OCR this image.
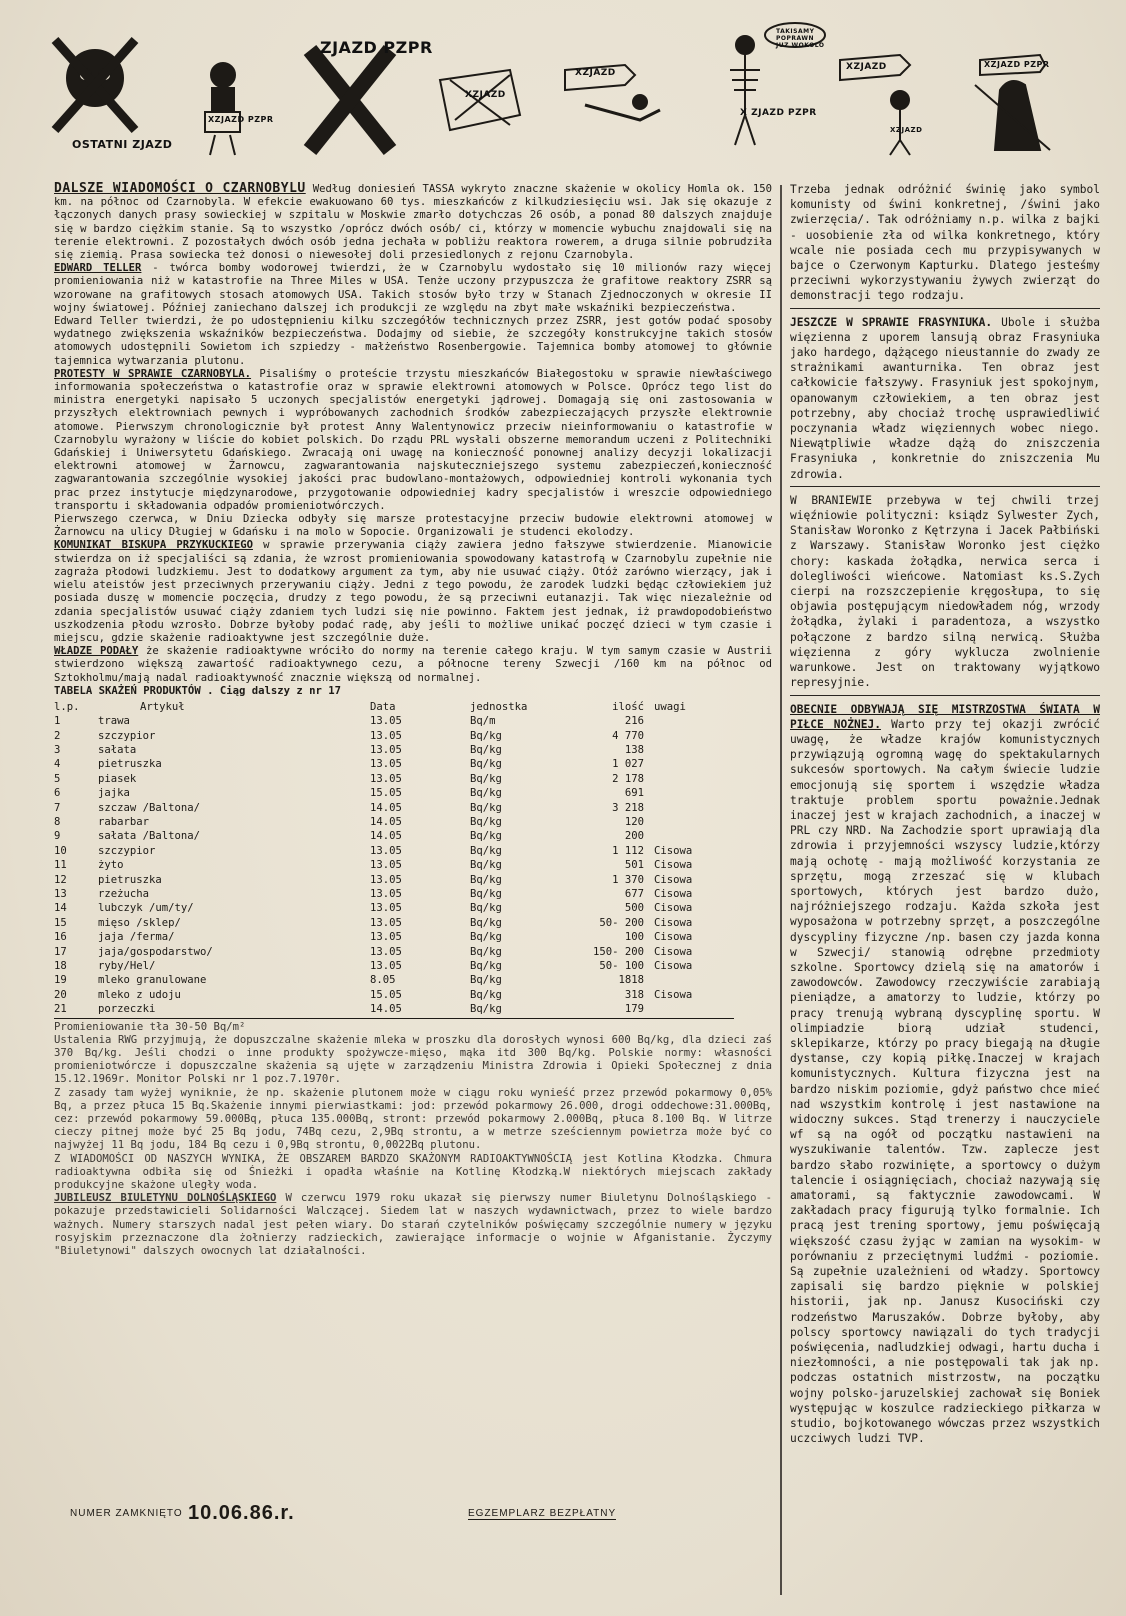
OSTATNI ZJAZD
XZJAZD PZPR
ZJAZD PZPR
XZJAZD
XZJAZD
X ZJAZD PZPR
XZJAZD
XZJAZD
XZJAZD PZPR
TAKISAMY POPRAWN JUZ WOKOLO

DALSZE WIADOMOŚCI O CZARNOBYLU Według doniesień TASSA wykryto znaczne skażenie w okolicy Homla ok. 150 km. na północ od Czarnobyla. W efekcie ewakuowano 60 tys. mieszkańców z kilkudziesięciu wsi. Jak się okazuje z łączonych danych prasy sowieckiej w szpitalu w Moskwie zmarło dotychczas 26 osób, a ponad 80 dalszych znajduje się w bardzo ciężkim stanie. Są to wszystko /oprócz dwóch osób/ ci, którzy w momencie wybuchu znajdowali się na terenie elektrowni. Z pozostałych dwóch osób jedna jechała w pobliżu reaktora rowerem, a druga silnie pobrudziła się ziemią. Prasa sowiecka też donosi o niewesołej doli przesiedlonych z rejonu Czarnobyla.

EDWARD TELLER - twórca bomby wodorowej twierdzi, że w Czarnobylu wydostało się 10 milionów razy więcej promieniowania niż w katastrofie na Three Miles w USA. Tenże uczony przypuszcza że grafitowe reaktory ZSRR są wzorowane na grafitowych stosach atomowych USA. Takich stosów było trzy w Stanach Zjednoczonych w okresie II wojny światowej. Później zaniechano dalszej ich produkcji ze względu na zbyt małe wskaźniki bezpieczeństwa.

Edward Teller twierdzi, że po udostępnieniu kilku szczegółów technicznych przez ZSRR, jest gotów podać sposoby wydatnego zwiększenia wskaźników bezpieczeństwa. Dodajmy od siebie, że szczegóły konstrukcyjne takich stosów atomowych udostępnili Sowietom ich szpiedzy - małżeństwo Rosenbergowie. Tajemnica bomby atomowej to głównie tajemnica wytwarzania plutonu.

PROTESTY W SPRAWIE CZARNOBYLA. Pisaliśmy o proteście trzystu mieszkańców Białegostoku w sprawie niewłaściwego informowania społeczeństwa o katastrofie oraz w sprawie elektrowni atomowych w Polsce. Oprócz tego list do ministra energetyki napisało 5 uczonych specjalistów energetyki jądrowej. Domagają się oni zastosowania w przyszłych elektrowniach pewnych i wypróbowanych zachodnich środków zabezpieczających przyszłe elektrownie atomowe. Pierwszym chronologicznie był protest Anny Walentynowicz przeciw nieinformowaniu o katastrofie w Czarnobylu wyrażony w liście do kobiet polskich. Do rządu PRL wysłali obszerne memorandum uczeni z Politechniki Gdańskiej i Uniwersytetu Gdańskiego. Zwracają oni uwagę na konieczność ponownej analizy decyzji lokalizacji elektrowni atomowej w Żarnowcu, zagwarantowania najskuteczniejszego systemu zabezpieczeń,konieczność zagwarantowania szczególnie wysokiej jakości prac budowlano-montażowych, odpowiedniej kontroli wykonania tych prac przez instytucje międzynarodowe, przygotowanie odpowiedniej kadry specjalistów i wreszcie odpowiedniego transportu i składowania odpadów promieniotwórczych.

Pierwszego czerwca, w Dniu Dziecka odbyły się marsze protestacyjne przeciw budowie elektrowni atomowej w Żarnowcu na ulicy Długiej w Gdańsku i na molo w Sopocie. Organizowali je studenci ekolodzy.

KOMUNIKAT BISKUPA PRZYKUCKIEGO w sprawie przerywania ciąży zawiera jedno fałszywe stwierdzenie. Mianowicie stwierdza on iż specjaliści są zdania, że wzrost promieniowania spowodowany katastrofą w Czarnobylu zupełnie nie zagraża płodowi ludzkiemu. Jest to dodatkowy argument za tym, aby nie usuwać ciąży. Otóż zarówno wierzący, jak i wielu ateistów jest przeciwnych przerywaniu ciąży. Jedni z tego powodu, że zarodek ludzki będąc człowiekiem już posiada duszę w momencie poczęcia, drudzy z tego powodu, że są przeciwni eutanazji. Tak więc niezależnie od zdania specjalistów usuwać ciąży zdaniem tych ludzi się nie powinno. Faktem jest jednak, iż prawdopodobieństwo uszkodzenia płodu wzrosło. Dobrze byłoby podać radę, aby jeśli to możliwe unikać poczęć dzieci w tym czasie i miejscu, gdzie skażenie radioaktywne jest szczególnie duże.

WŁADZE PODAŁY że skażenie radioaktywne wróciło do normy na terenie całego kraju. W tym samym czasie w Austrii stwierdzono większą zawartość radioaktywnego cezu, a północne tereny Szwecji /160 km na północ od Sztokholmu/mają nadal radioaktywność znacznie większą od normalnej.

TABELA SKAŻEŃ PRODUKTÓW . Ciąg dalszy z nr 17

l.p.	Artykuł	Data	jednostka	ilość uwagi
1	trawa	13.05	Bq/m	216
2	szczypior	13.05	Bq/kg	4 770
3	sałata	13.05	Bq/kg	138
4	pietruszka	13.05	Bq/kg	1 027
5	piasek	13.05	Bq/kg	2 178
6	jajka	15.05	Bq/kg	691
7	szczaw /Baltona/	14.05	Bq/kg	3 218
8	rabarbar	14.05	Bq/kg	120
9	sałata /Baltona/	14.05	Bq/kg	200
10	szczypior	13.05	Bq/kg	1 112 Cisowa
11	żyto	13.05	Bq/kg	501 Cisowa
12	pietruszka	13.05	Bq/kg	1 370 Cisowa
13	rzeżucha	13.05	Bq/kg	677 Cisowa
14	lubczyk /um/ty/	13.05	Bq/kg	500 Cisowa
15	mięso /sklep/	13.05	Bq/kg	50- 200 Cisowa
16	jaja /ferma/	13.05	Bq/kg	100 Cisowa
17	jaja/gospodarstwo/	13.05	Bq/kg	150- 200 Cisowa
18	ryby/Hel/	13.05	Bq/kg	50- 100 Cisowa
19	mleko granulowane	8.05	Bq/kg	1818
20	mleko z udoju	15.05	Bq/kg	318 Cisowa
21	porzeczki	14.05	Bq/kg	179

Promieniowanie tła 30-50 Bq/m²

Ustalenia RWG przyjmują, że dopuszczalne skażenie mleka w proszku dla dorosłych wynosi 600 Bq/kg, dla dzieci zaś 370 Bq/kg. Jeśli chodzi o inne produkty spożywcze-mięso, mąka itd 300 Bq/kg. Polskie normy: własności promieniotwórcze i dopuszczalne skażenia są ujęte w zarządzeniu Ministra Zdrowia i Opieki Społecznej z dnia 15.12.1969r. Monitor Polski nr 1 poz.7.1970r.

Z zasady tam wyżej wyniknie, że np. skażenie plutonem może w ciągu roku wynieść przez przewód pokarmowy 0,05% Bq, a przez płuca 15 Bq.Skażenie innymi pierwiastkami: jod: przewód pokarmowy 26.000, drogi oddechowe:31.000Bq, cez: przewód pokarmowy 59.000Bq, płuca 135.000Bq, stront: przewód pokarmowy 2.000Bq, płuca 8.100 Bq. W litrze cieczy pitnej może być 25 Bq jodu, 74Bq cezu, 2,9Bq strontu, a w metrze sześciennym powietrza może być co najwyżej 11 Bq jodu, 184 Bq cezu i 0,9Bq strontu, 0,0022Bq plutonu.

Z WIADOMOŚCI OD NASZYCH WYNIKA, ŻE OBSZAREM BARDZO SKAŻONYM RADIOAKTYWNOŚCIĄ jest Kotlina Kłodzka. Chmura radioaktywna odbiła się od Śnieżki i opadła właśnie na Kotlinę Kłodzką.W niektórych miejscach zakłady produkcyjne skażone uległy woda.

JUBILEUSZ BIULETYNU DOLNOŚLĄSKIEGO W czerwcu 1979 roku ukazał się pierwszy numer Biuletynu Dolnośląskiego - pokazuje przedstawicieli Solidarności Walczącej. Siedem lat w naszych wydawnictwach, przez to wiele bardzo ważnych. Numery starszych nadal jest pełen wiary. Do starań czytelników poświęcamy szczególnie numery w języku rosyjskim przeznaczone dla żołnierzy radzieckich, zawierające informacje o wojnie w Afganistanie. Życzymy "Biuletynowi" dalszych owocnych lat działalności.

NUMER ZAMKNIĘTO 10.06.86.r.	EGZEMPLARZ BEZPŁATNY

Trzeba jednak odróżnić świnię jako symbol komunisty od świni konkretnej, /świni jako zwierzęcia/. Tak odróżniamy n.p. wilka z bajki - uosobienie zła od wilka konkretnego, który wcale nie posiada cech mu przypisywanych w bajce o Czerwonym Kapturku. Dlatego jesteśmy przeciwni wykorzystywaniu żywych zwierząt do demonstracji tego rodzaju.

JESZCZE W SPRAWIE FRASYNIUKA. Ubole i służba więzienna z uporem lansują obraz Frasyniuka jako hardego, dążącego nieustannie do zwady ze strażnikami awanturnika. Ten obraz jest całkowicie fałszywy. Frasyniuk jest spokojnym, opanowanym człowiekiem, a ten obraz jest potrzebny, aby chociaż trochę usprawiedliwić poczynania władz więziennych wobec niego. Niewątpliwie władze dążą do zniszczenia Frasyniuka , konkretnie do zniszczenia Mu zdrowia.

W BRANIEWIE przebywa w tej chwili trzej więźniowie polityczni: ksiądz Sylwester Zych, Stanisław Woronko z Kętrzyna i Jacek Pałbiński z Warszawy. Stanisław Woronko jest ciężko chory: kaskada żołądka, nerwica serca i dolegliwości wieńcowe. Natomiast ks.S.Zych cierpi na rozszczepienie kręgosłupa, to się objawia postępującym niedowładem nóg, wrzody żołądka, żylaki i paradentoza, a wszystko połączone z bardzo silną nerwicą. Służba więzienna z góry wyklucza zwolnienie warunkowe. Jest on traktowany wyjątkowo represyjnie.

OBECNIE ODBYWAJĄ SIĘ MISTRZOSTWA ŚWIATA W PIŁCE NOŻNEJ. Warto przy tej okazji zwrócić uwagę, że władze krajów komunistycznych przywiązują ogromną wagę do spektakularnych sukcesów sportowych. Na całym świecie ludzie emocjonują się sportem i wszędzie władza traktuje problem sportu poważnie.Jednak inaczej jest w krajach zachodnich, a inaczej w PRL czy NRD. Na Zachodzie sport uprawiają dla zdrowia i przyjemności wszyscy ludzie,którzy mają ochotę - mają możliwość korzystania ze sprzętu, mogą zrzeszać się w klubach sportowych, których jest bardzo dużo, najróżniejszego rodzaju. Każda szkoła jest wyposażona w potrzebny sprzęt, a poszczególne dyscypliny fizyczne /np. basen czy jazda konna w Szwecji/ stanowią odrębne przedmioty szkolne. Sportowcy dzielą się na amatorów i zawodowców. Zawodowcy rzeczywiście zarabiają pieniądze, a amatorzy to ludzie, którzy po pracy trenują wybraną dyscyplinę sportu. W olimpiadzie biorą udział studenci, sklepikarze, którzy po pracy biegają na długie dystanse, czy kopią piłkę.Inaczej w krajach komunistycznych. Kultura fizyczna jest na bardzo niskim poziomie, gdyż państwo chce mieć nad wszystkim kontrolę i jest nastawione na widoczny sukces. Stąd trenerzy i nauczyciele wf są na ogół od początku nastawieni na wyszukiwanie talentów. Tzw. zaplecze jest bardzo słabo rozwinięte, a sportowcy o dużym talencie i osiągnięciach, chociaż nazywają się amatorami, są faktycznie zawodowcami. W zakładach pracy figurują tylko formalnie. Ich pracą jest trening sportowy, jemu poświęcają większość czasu żyjąc w zamian na wysokim- w porównaniu z przeciętnymi ludźmi - poziomie. Są zupełnie uzależnieni od władzy. Sportowcy zapisali się bardzo pięknie w polskiej historii, jak np. Janusz Kusociński czy rodzeństwo Maruszaków. Dobrze byłoby, aby polscy sportowcy nawiązali do tych tradycji poświęcenia, nadludzkiej odwagi, hartu ducha i niezłomności, a nie postępowali tak jak np. podczas ostatnich mistrzostw, na początku wojny polsko-jaruzelskiej zachował się Boniek występując w koszulce radzieckiego piłkarza w studio, bojkotowanego wówczas przez wszystkich uczciwych ludzi TVP.
